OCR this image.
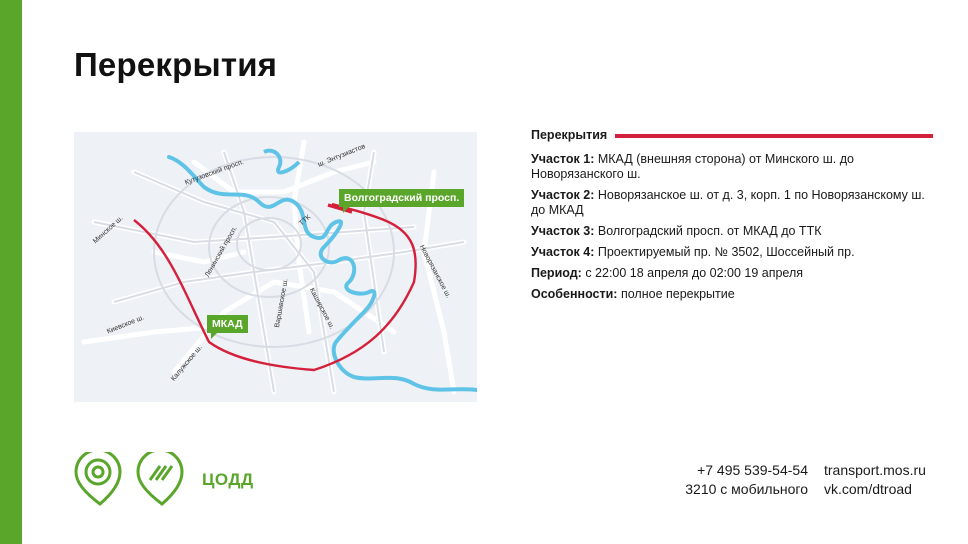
Перекрытия
Волгоградский просп.
МКАД
ш. Энтузиастов
Кутузовский просп.
Минское ш.	Ленинский просп.
ТТК
Новорязанское ш.
Варшавское ш.	Каширское ш.
Киевское ш.
Калужское ш.
Перекрытия
Участок 1: МКАД (внешняя сторона) от Минского ш. до Новорязанского ш.
Участок 2: Новорязанское ш. от д. 3, корп. 1 по Новорязанскому ш. до МКАД
Участок 3: Волгоградский просп. от МКАД до ТТК
Участок 4: Проектируемый пр. № 3502, Шоссейный пр.
Период: с 22:00 18 апреля до 02:00 19 апреля
Особенности: полное перекрытие
ЦОДД	+7 495 539-54-54
3210 с мобильного
transport.mos.ru
vk.com/dtroad
